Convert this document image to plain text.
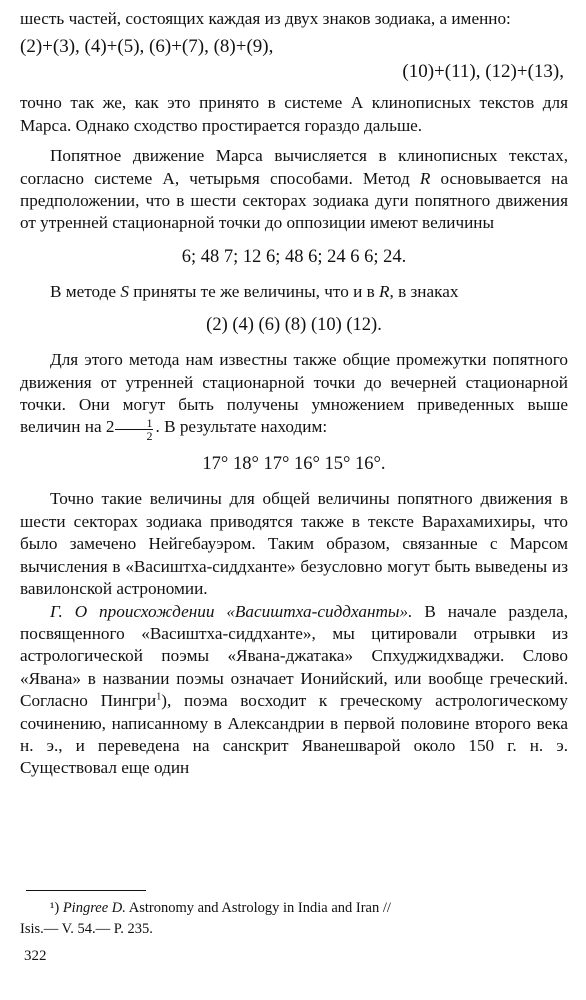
шесть частей, состоящих каждая из двух знаков зодиака, а именно:

(2)+(3), (4)+(5), (6)+(7), (8)+(9),
(10)+(11), (12)+(13),

точно так же, как это принято в системе А клинописных текстов для Марса. Однако сходство простирается гораздо дальше.

Попятное движение Марса вычисляется в клинописных текстах, согласно системе А, четырьмя способами. Метод R основывается на предположении, что в шести секторах зодиака дуги попятного движения от утренней стационарной точки до оппозиции имеют величины

6; 48 7; 12 6; 48 6; 24 6 6; 24.

В методе S приняты те же величины, что и в R, в знаках

(2) (4) (6) (8) (10) (12).

Для этого метода нам известны также общие промежутки попятного движения от утренней стационарной точки до вечерней стационарной точки. Они могут быть получены умножением приведенных выше величин на $2 \frac{1}{2}$ . В результате находим:

17° 18° 17° 16° 15° 16°.

Точно такие величины для общей величины попятного движения в шести секторах зодиака приводятся также в тексте Варахамихиры, что было замечено Нейгебауэром. Таким образом, связанные с Марсом вычисления в «Васиштха-сиддханте» безусловно могут быть выведены из вавилонской астрономии.

Г. О происхождении «Васиштха-сиддханты». В начале раздела, посвященного «Васиштха-сиддханте», мы цитировали отрывки из астрологической поэмы «Явана-джатака» Спхуджидхваджи. Слово «Явана» в названии поэмы означает Ионийский, или вообще греческий. Согласно Пингри$^1$), поэма восходит к греческому астрологическому сочинению, написанному в Александрии в первой половине второго века н. э., и переведена на санскрит Яванешварой около 150 г. н. э. Существовал еще один

¹) Pingree D. Astronomy and Astrology in India and Iran //
Isis.— V. 54.— P. 235.
322
